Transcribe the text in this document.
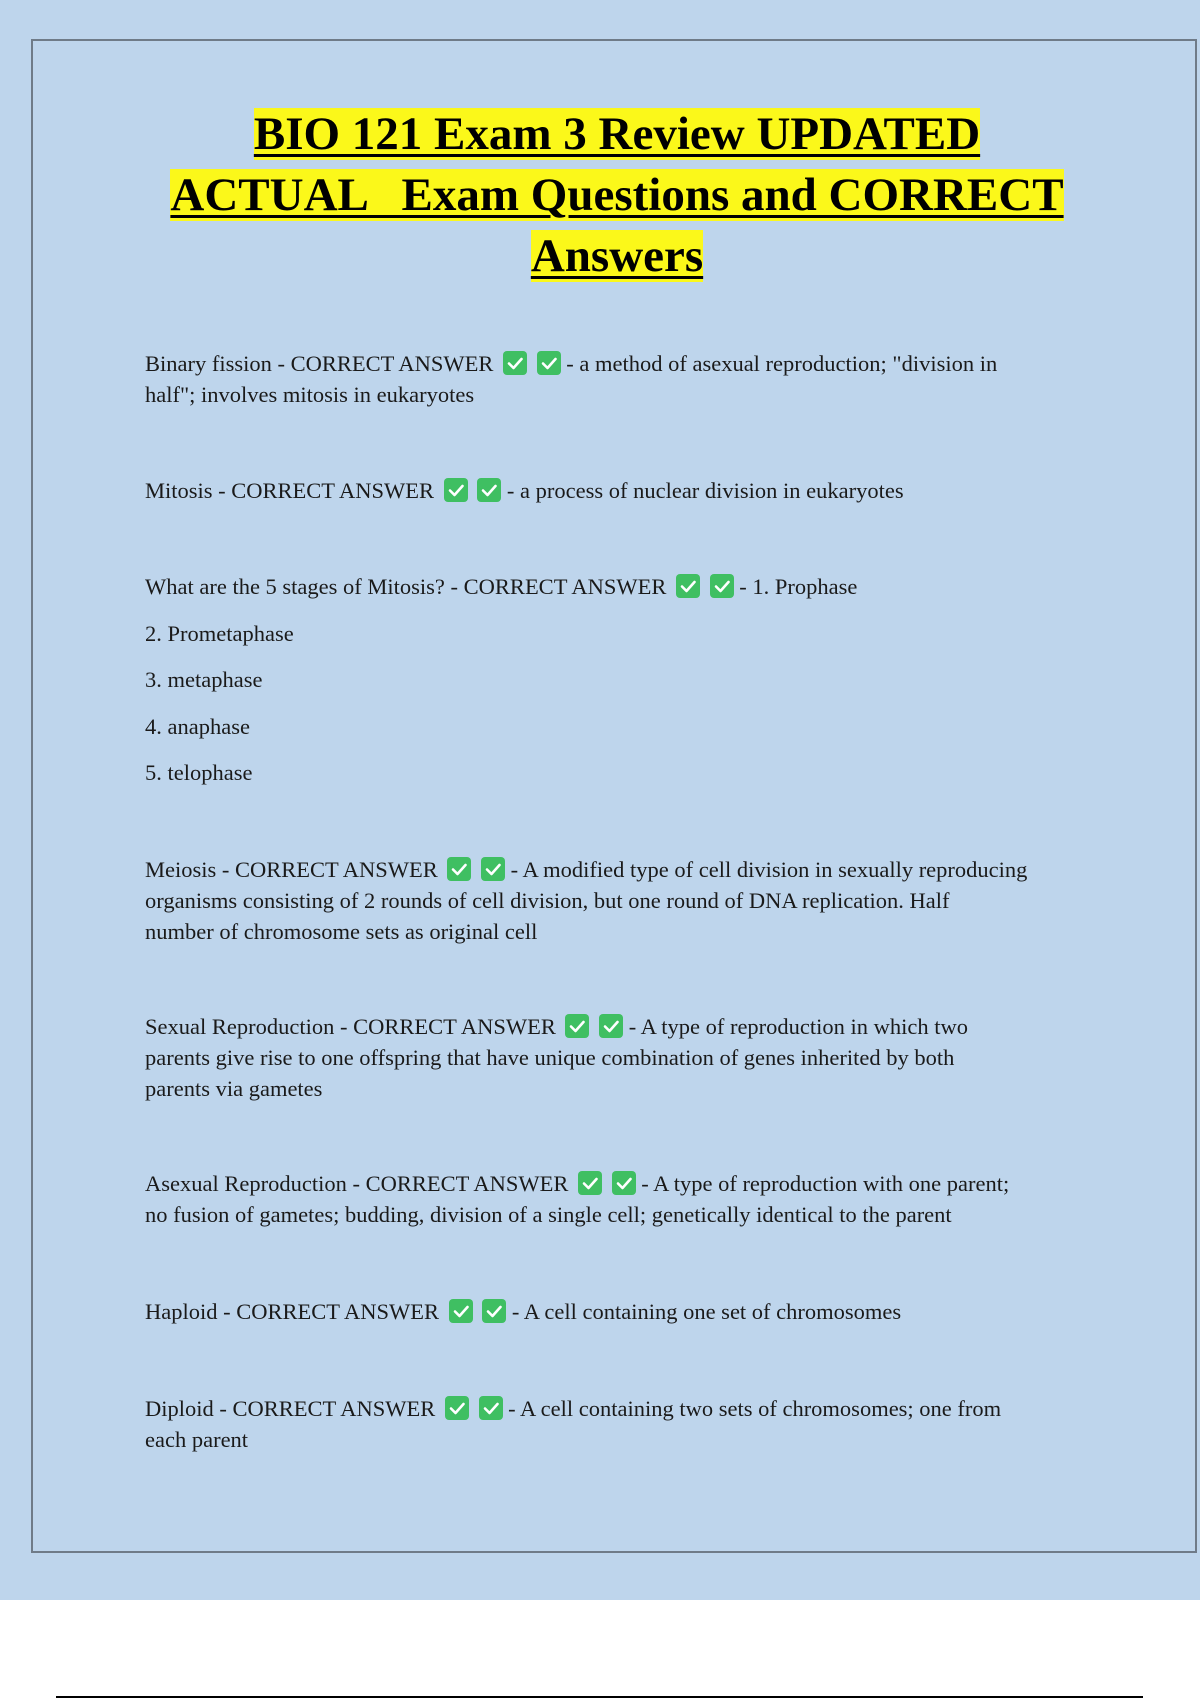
BIO 121 Exam 3 Review UPDATED
ACTUAL   Exam Questions and CORRECT
Answers
Binary fission - CORRECT ANSWER
	- a method of asexual reproduction; "division in
half"; involves mitosis in eukaryotes
Mitosis - CORRECT ANSWER
	- a process of nuclear division in eukaryotes
What are the 5 stages of Mitosis? - CORRECT ANSWER
	- 1. Prophase
2. Prometaphase
3. metaphase
4. anaphase
5. telophase
Meiosis - CORRECT ANSWER
	- A modified type of cell division in sexually reproducing
organisms consisting of 2 rounds of cell division, but one round of DNA replication. Half
number of chromosome sets as original cell
Sexual Reproduction - CORRECT ANSWER
	- A type of reproduction in which two
parents give rise to one offspring that have unique combination of genes inherited by both
parents via gametes
Asexual Reproduction - CORRECT ANSWER
	- A type of reproduction with one parent;
no fusion of gametes; budding, division of a single cell; genetically identical to the parent
Haploid - CORRECT ANSWER
	- A cell containing one set of chromosomes
Diploid - CORRECT ANSWER
	- A cell containing two sets of chromosomes; one from
each parent
